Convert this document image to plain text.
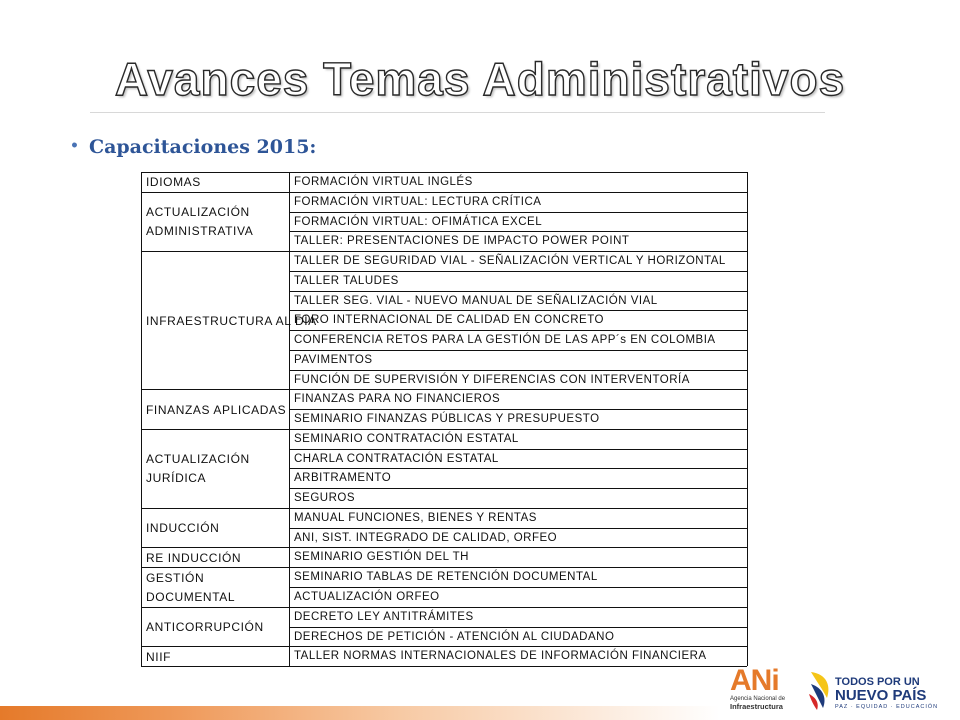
Avances Temas Administrativos
• Capacitaciones 2015:
IDIOMAS
ACTUALIZACIÓN
ADMINISTRATIVA
INFRAESTRUCTURA AL DÍA
FINANZAS APLICADAS
ACTUALIZACIÓN
JURÍDICA
INDUCCIÓN
RE INDUCCIÓN
GESTIÓN
DOCUMENTAL
ANTICORRUPCIÓN
NIIF
FORMACIÓN VIRTUAL INGLÉS
FORMACIÓN VIRTUAL: LECTURA CRÍTICA
FORMACIÓN VIRTUAL: OFIMÁTICA EXCEL
TALLER: PRESENTACIONES DE IMPACTO POWER POINT
TALLER DE SEGURIDAD VIAL - SEÑALIZACIÓN VERTICAL Y HORIZONTAL
TALLER TALUDES
TALLER SEG. VIAL - NUEVO MANUAL DE SEÑALIZACIÓN VIAL
FORO INTERNACIONAL DE CALIDAD EN CONCRETO
CONFERENCIA RETOS PARA LA GESTIÓN DE LAS APP´s EN COLOMBIA
PAVIMENTOS
FUNCIÓN DE SUPERVISIÓN Y DIFERENCIAS CON INTERVENTORÍA
FINANZAS PARA NO FINANCIEROS
SEMINARIO FINANZAS PÚBLICAS Y PRESUPUESTO
SEMINARIO CONTRATACIÓN ESTATAL
CHARLA CONTRATACIÓN ESTATAL
ARBITRAMENTO
SEGUROS
MANUAL FUNCIONES, BIENES Y RENTAS
ANI, SIST. INTEGRADO DE CALIDAD, ORFEO
SEMINARIO GESTIÓN DEL TH
SEMINARIO TABLAS DE RETENCIÓN DOCUMENTAL
ACTUALIZACIÓN ORFEO
DECRETO LEY ANTITRÁMITES
DERECHOS DE PETICIÓN - ATENCIÓN AL CIUDADANO
TALLER NORMAS INTERNACIONALES DE INFORMACIÓN FINANCIERA
ANi
Agencia Nacional de
Infraestructura
TODOS POR UN
NUEVO PAÍS
PAZ · EQUIDAD · EDUCACIÓN
